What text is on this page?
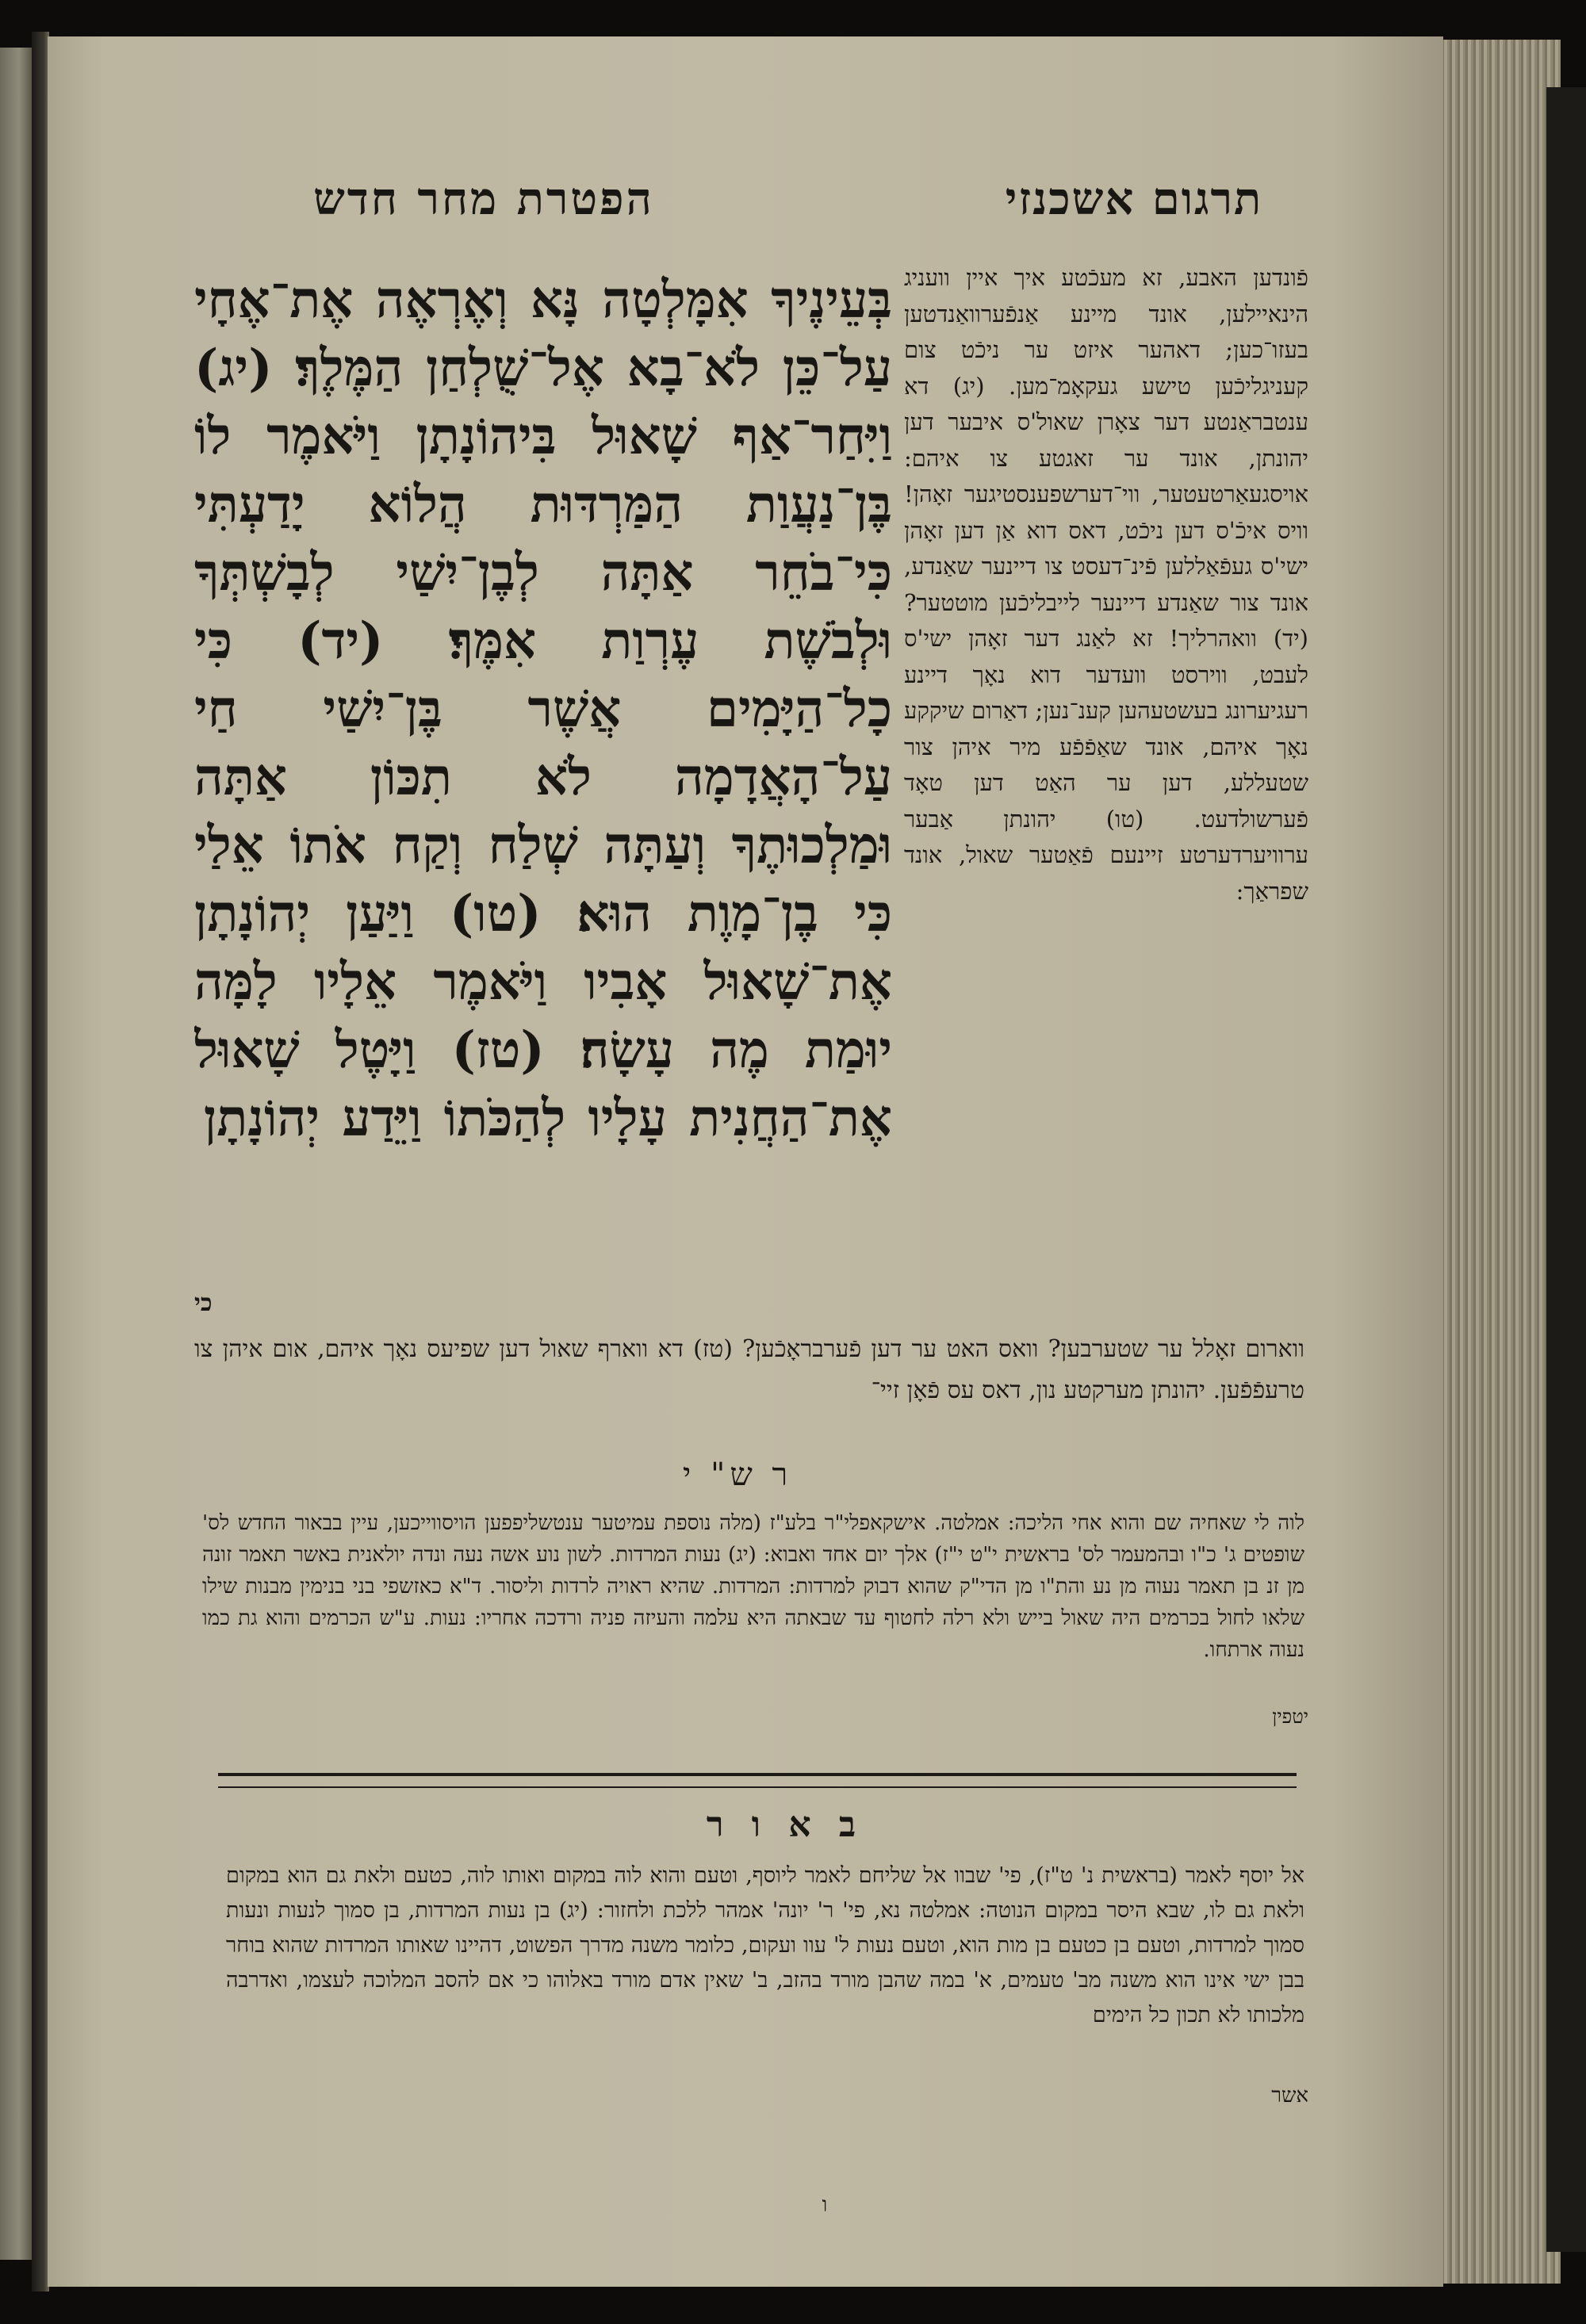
הפטרת מחר חדש	תרגום אשכנזי
בְּעֵינֶיךָ אִמָּלְטָה נָּא וְאֶרְאֶה אֶת־אֶחָי עַל־כֵּן לֹא־בָא אֶל־שֻׁלְחַן הַמֶּלֶךְ׃ (יג) וַיִּחַר־אַף שָׁאוּל בִּיהוֹנָתָן וַיֹּאמֶר לוֹ בֶּן־נַעֲוַת הַמַּרְדּוּת הֲלוֹא יָדַעְתִּי כִּי־בֹחֵר אַתָּה לְבֶן־יִשַׁי לְבָשְׁתְּךָ וּלְבֹשֶׁת עֶרְוַת אִמֶּךָ׃ (יד) כִּי כָל־הַיָּמִים אֲשֶׁר בֶּן־יִשַׁי חַי עַל־הָאֲדָמָה לֹא תִכּוֹן אַתָּה וּמַלְכוּתֶךָ וְעַתָּה שְׁלַח וְקַח אֹתוֹ אֵלַי כִּי בֶן־מָוֶת הוּא׃ (טו) וַיַּעַן יְהוֹנָתָן אֶת־שָׁאוּל אָבִיו וַיֹּאמֶר אֵלָיו לָמָּה יוּמַת מֶה עָשָׂה׃ (טז) וַיָּטֶל שָׁאוּל אֶת־הַחֲנִית עָלָיו לְהַכֹּתוֹ וַיֵּדַע יְהוֹנָתָן
כי
פֿונדען האבע, זא מעכֿטע איך איין וועניג הינאיילען, אונד מיינע אַנפֿערוואַנדטען בעזו־כען; דאהער איזט ער ניכֿט צום קעניגליכֿען טישע געקאָמ־מען. (יג) דא ענטבראַנטע דער צאָרן שאול'ס איבער דען יהונתן, אונד ער זאגטע צו איהם: אויסגעאַרטעטער, ווי־דערשפענסטיגער זאָהן! וויס איכֿ'ס דען ניכֿט, דאס דוא אַן דען זאָהן ישי'ס געפֿאַללען פֿינ־דעסט צו דיינער שאַנדע, אונד צור שאַנדע דיינער לייבליכֿען מוטטער? (יד) וואהרליך! זא לאַנג דער זאָהן ישי'ס לעבט, ווירסט וועדער דוא נאָך דיינע רעגיערונג בעשטעהען קענ־נען; דאַרום שיקקע נאָך איהם, אונד שאַפֿפֿע מיר איהן צור שטעללע, דען ער האַט דען טאָד פֿערשולדעט. (טו) יהונתן אַבער ערוויערדערטע זיינעם פֿאַטער שאול, אונד שפראַך:
ווארום זאָלל ער שטערבען? וואס האט ער דען פֿערבראָכֿען? (טז) דא ווארף שאול דען שפיעס נאָך איהם, אום איהן צו טרעפֿפֿען. יהונתן מערקטע נון, דאס עס פֿאָן זיי־
ר ש" י
לוה לי שאחיה שם והוא אחי הליכה: אמלטה. אישקאפלי"ר בלע"ז (מלה נוספת עמיטער ענטשליפפען הויסווייכען, עיין בבאור החדש לס' שופטים ג' כ"ו ובהמעמר לס' בראשית י"ט י"ז) אלך יום אחד ואבוא: (יג) נעות המרדות. לשון נוע אשה נעה ונדה יולאנית באשר תאמר זונה מן זנ בן תאמר נעוה מן נע והת"ו מן הדי"ק שהוא דבוק למרדות: המרדות. שהיא ראויה לרדות וליסור. ד"א כאזשפי בני בנימין מבנות שילו שלאו לחול בכרמים היה שאול בייש ולא רלה לחטוף עד שבאתה היא עלמה והעיזה פניה ורדכה אחריו: נעות. ע"ש הכרמים והוא גת כמו נעוה ארתחו.
יטפין
ב א ו ר
אל יוסף לאמר (בראשית נ' ט"ז), פי' שבוו אל שליחם לאמר ליוסף, וטעם והוא לוה במקום ואותו לוה, כטעם ולאת גם הוא במקום ולאת גם לו, שבא היסר במקום הנוטה: אמלטה נא, פי' ר' יונה' אמהר ללכת ולחזור: (יג) בן נעות המרדות, בן סמוך לנעות ונעות סמוך למרדות, וטעם בן כטעם בן מות הוא, וטעם נעות ל' עוו ועקום, כלומר משנה מדרך הפשוט, דהיינו שאותו המרדות שהוא בוחר בבן ישי אינו הוא משנה מב' טעמים, א' במה שהבן מורד בהזב, ב' שאין אדם מורד באלוהו כי אם להסב המלוכה לעצמו, ואדרבה מלכותו לא תכון כל הימים
אשר
ו
